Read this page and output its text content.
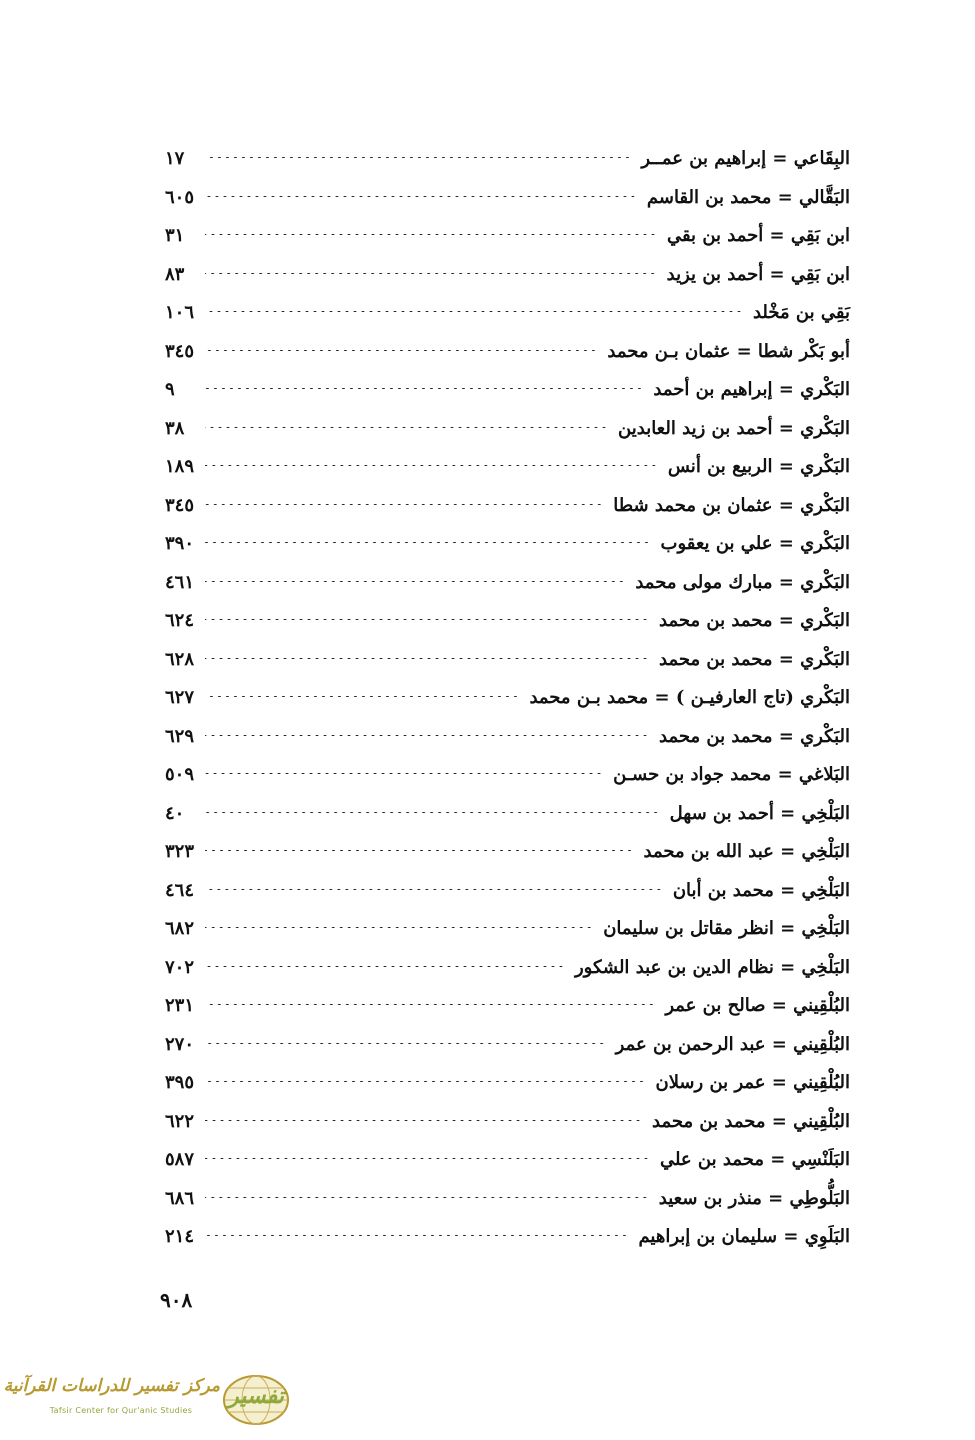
البِقَاعي = إبراهيم بن عمــر
١٧
البَقَّالي = محمد بن القاسم
٦٠٥
ابن بَقِي = أحمد بن بقي
٣١
ابن بَقِي = أحمد بن يزيد
٨٣
بَقِي بن مَخْلد
١٠٦
أبو بَكْر شطا = عثمان بـن محمد
٣٤٥
البَكْري = إبراهيم بن أحمد
٩
البَكْري = أحمد بن زيد العابدين
٣٨
البَكْري = الربيع بن أنس
١٨٩
البَكْري = عثمان بن محمد شطا
٣٤٥
البَكْري = علي بن يعقوب
٣٩٠
البَكْري = مبارك مولى محمد
٤٦١
البَكْري = محمد بن محمد
٦٢٤
البَكْري = محمد بن محمد
٦٢٨
البَكْري (تاج العارفيـن ) = محمد بـن محمد
٦٢٧
البَكْري = محمد بن محمد
٦٢٩
البَلاغي = محمد جواد بن حسـن
٥٠٩
البَلْخِي = أحمد بن سهل
٤٠
البَلْخِي = عبد الله بن محمد
٣٢٣
البَلْخِي = محمد بن أبان
٤٦٤
البَلْخِي = انظر مقاتل بن سليمان
٦٨٢
البَلْخِي = نظام الدين بن عبد الشكور
٧٠٢
البُلْقِيني = صالح بن عمر
٢٣١
البُلْقِيني = عبد الرحمن بن عمر
٢٧٠
البُلْقِيني = عمر بن رسلان
٣٩٥
البُلْقِيني = محمد بن محمد
٦٢٢
البَلَنْسِي = محمد بن علي
٥٨٧
البَلُّوطِي = منذر بن سعيد
٦٨٦
البَلَوِي = سليمان بن إبراهيم
٢١٤
٩٠٨
مركز تفسير للدراسات القرآنية
Tafsir Center for Qur'anic Studies
تفسير
